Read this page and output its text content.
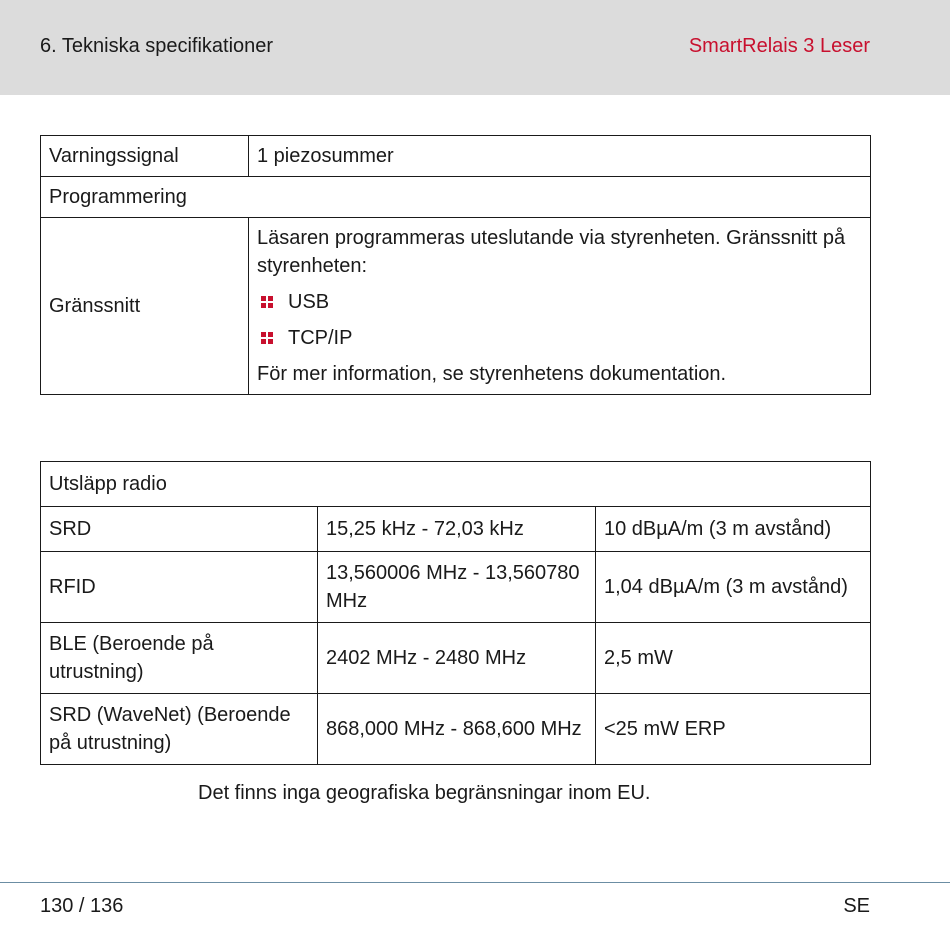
6. Tekniska specifikationer	SmartRelais 3 Leser
Varningssignal	1 piezosummer
Programmering	
Gränssnitt	Läsaren programmeras uteslutande via styrenheten. Gränssnitt på styrenheten:

USB
TCP/IP

För mer information, se styrenhetens dokumentation.

Utsläpp radio		
SRD	15,25 kHz - 72,03 kHz	10 dBµA/m (3 m avstånd)
RFID	13,560006 MHz - 13,560780 MHz	1,04 dBµA/m (3 m avstånd)
BLE (Beroende på utrustning)	2402 MHz - 2480 MHz	2,5 mW
SRD (WaveNet) (Beroende på utrustning)	868,000 MHz - 868,600 MHz	<25 mW ERP
Det finns inga geografiska begränsningar inom EU.
130 / 136	SE
